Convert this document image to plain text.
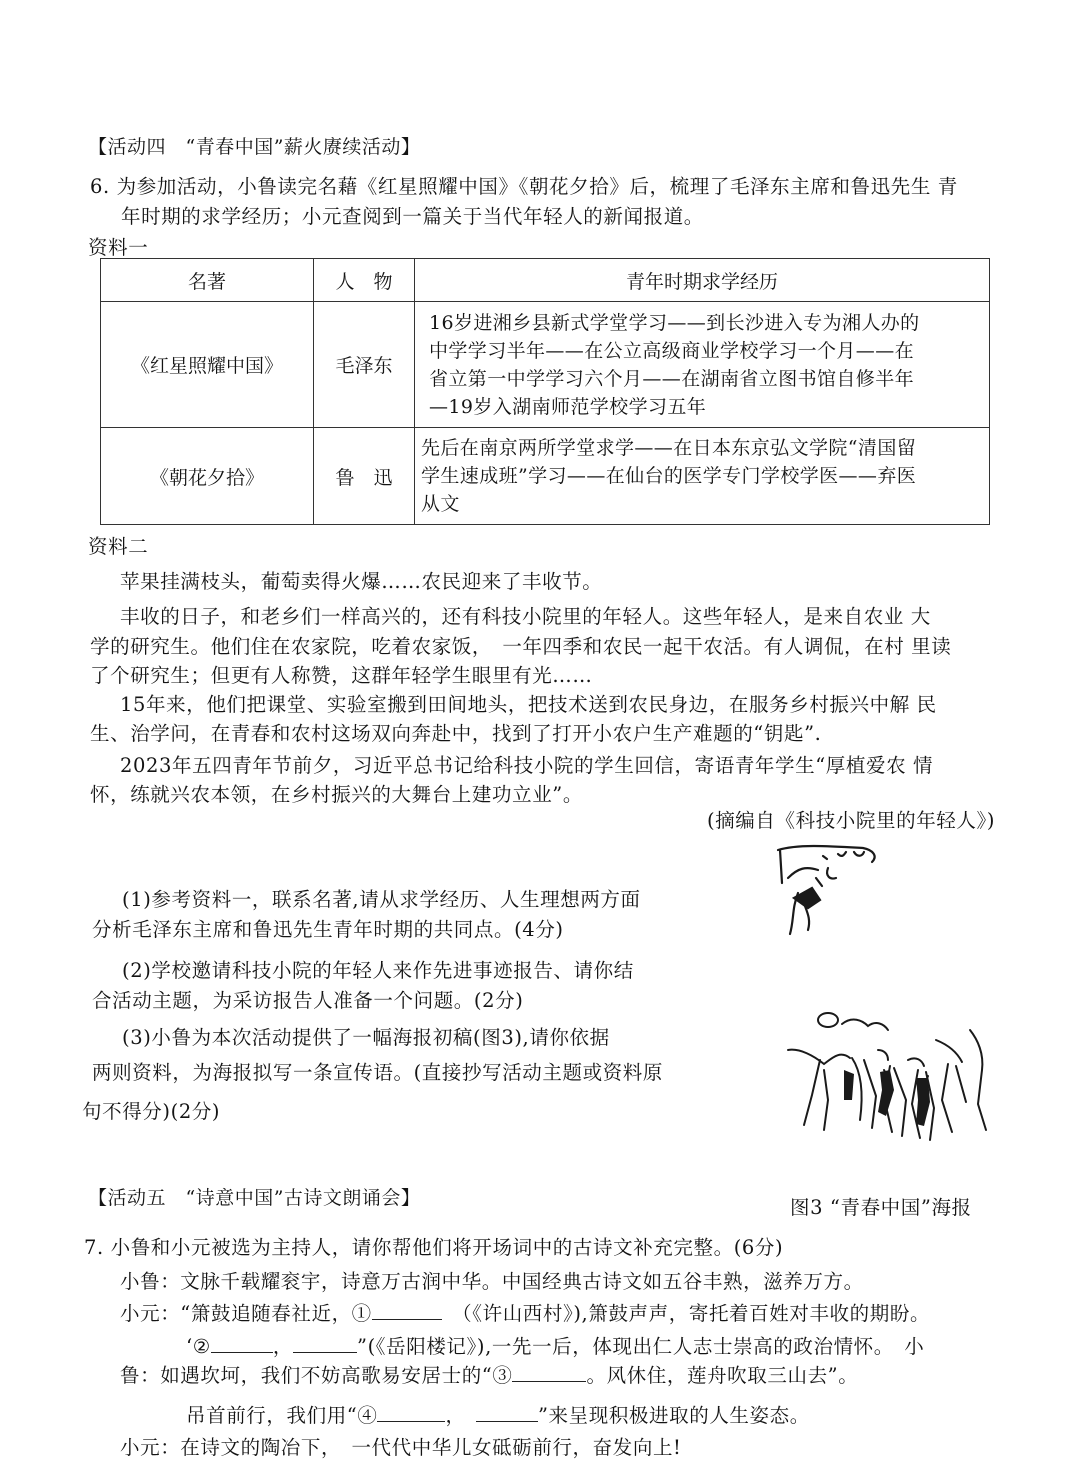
【活动四　“青春中国”薪火赓续活动】
6. 为参加活动，小鲁读完名藉《红星照耀中国》《朝花夕拾》后，梳理了毛泽东主席和鲁迅先生 青
年时期的求学经历；小元查阅到一篇关于当代年轻人的新闻报道。
资料一
名著	人　物	青年时期求学经历
《红星照耀中国》	毛泽东	16岁进湘乡县新式学堂学习——到长沙进入专为湘人办的
中学学习半年——在公立高级商业学校学习一个月——在
省立第一中学学习六个月——在湖南省立图书馆自修半年
—19岁入湖南师范学校学习五年

《朝花夕拾》	鲁　迅	先后在南京两所学堂求学——在日本东京弘文学院“清国留
学生速成班”学习——在仙台的医学专门学校学医——弃医
从文
资料二
苹果挂满枝头，葡萄卖得火爆……农民迎来了丰收节。
丰收的日子，和老乡们一样高兴的，还有科技小院里的年轻人。这些年轻人，是来自农业 大
学的研究生。他们住在农家院，吃着农家饭，　一年四季和农民一起干农活。有人调侃，在村 里读
了个研究生；但更有人称赞，这群年轻学生眼里有光……
15年来，他们把课堂、实验室搬到田间地头，把技术送到农民身边，在服务乡村振兴中解 民
生、治学问，在青春和农村这场双向奔赴中，找到了打开小农户生产难题的“钥匙”.
2023年五四青年节前夕，习近平总书记给科技小院的学生回信，寄语青年学生“厚植爱农 情
怀，练就兴农本领，在乡村振兴的大舞台上建功立业”。
(摘编自《科技小院里的年轻人》)
(1)参考资料一，联系名著,请从求学经历、人生理想两方面
分析毛泽东主席和鲁迅先生青年时期的共同点。(4分)
(2)学校邀请科技小院的年轻人来作先进事迹报告、请你结
合活动主题，为采访报告人准备一个问题。(2分)
(3)小鲁为本次活动提供了一幅海报初稿(图3),请你依据
两则资料，为海报拟写一条宣传语。(直接抄写活动主题或资料原
句不得分)(2分)
图3 “青春中国”海报
【活动五　“诗意中国”古诗文朗诵会】
7. 小鲁和小元被选为主持人，请你帮他们将开场词中的古诗文补充完整。(6分)
小鲁：文脉千载耀衮宇，诗意万古润中华。中国经典古诗文如五谷丰熟，滋养万方。
小元：“箫鼓追随春社近，①　	（《许山西村》),箫鼓声声，寄托着百姓对丰收的期盼。
‘②	，	”(《岳阳楼记》),一先一后，体现出仁人志士崇高的政治情怀。　小
鲁：如遇坎坷，我们不妨高歌易安居士的“③	。风休住，莲舟吹取三山去”。
吊首前行，我们用“④	，　	”来呈现积极进取的人生姿态。
小元：在诗文的陶冶下，　一代代中华儿女砥砺前行，奋发向上!
